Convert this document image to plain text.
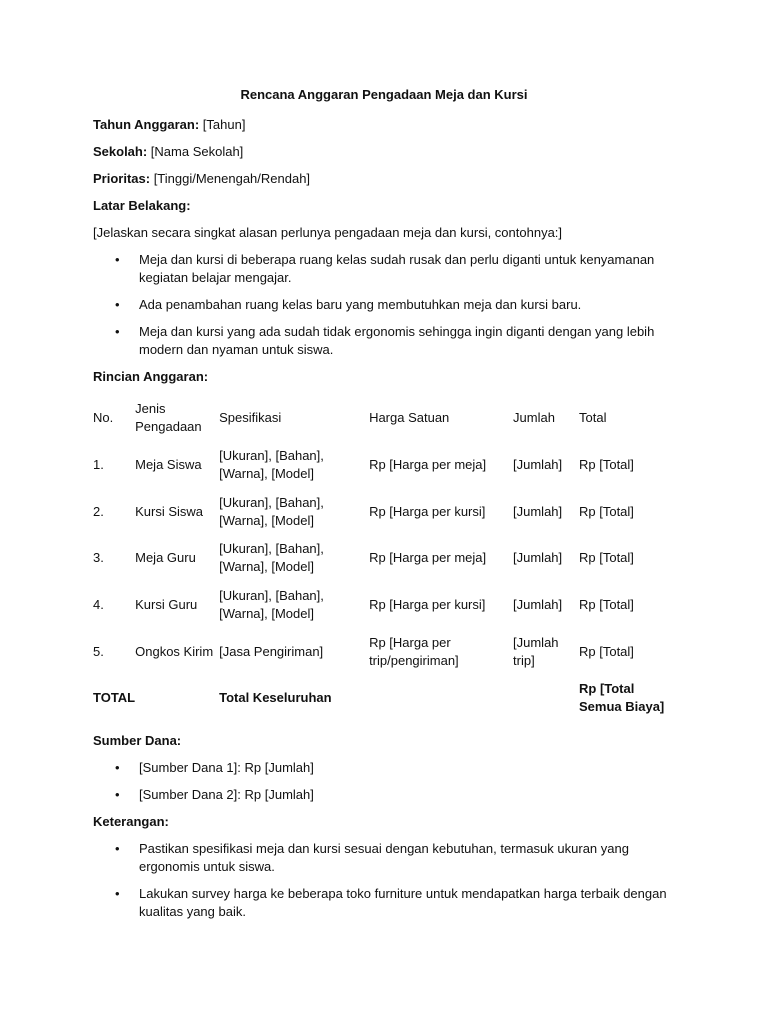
Rencana Anggaran Pengadaan Meja dan Kursi
Tahun Anggaran: [Tahun]
Sekolah: [Nama Sekolah]
Prioritas: [Tinggi/Menengah/Rendah]
Latar Belakang:
[Jelaskan secara singkat alasan perlunya pengadaan meja dan kursi, contohnya:]
• Meja dan kursi di beberapa ruang kelas sudah rusak dan perlu diganti untuk kenyamanan kegiatan belajar mengajar.
• Ada penambahan ruang kelas baru yang membutuhkan meja dan kursi baru.
• Meja dan kursi yang ada sudah tidak ergonomis sehingga ingin diganti dengan yang lebih modern dan nyaman untuk siswa.
Rincian Anggaran:
No.	Jenis Pengadaan	Spesifikasi	Harga Satuan	Jumlah	Total
1.	Meja Siswa	[Ukuran], [Bahan], [Warna], [Model]	Rp [Harga per meja]	[Jumlah]	Rp [Total]
2.	Kursi Siswa	[Ukuran], [Bahan], [Warna], [Model]	Rp [Harga per kursi]	[Jumlah]	Rp [Total]
3.	Meja Guru	[Ukuran], [Bahan], [Warna], [Model]	Rp [Harga per meja]	[Jumlah]	Rp [Total]
4.	Kursi Guru	[Ukuran], [Bahan], [Warna], [Model]	Rp [Harga per kursi]	[Jumlah]	Rp [Total]
5.	Ongkos Kirim	[Jasa Pengiriman]	Rp [Harga per trip/pengiriman]	[Jumlah trip]	Rp [Total]
TOTAL		Total Keseluruhan			Rp [Total Semua Biaya]
Sumber Dana:
• [Sumber Dana 1]: Rp [Jumlah]
• [Sumber Dana 2]: Rp [Jumlah]
Keterangan:
• Pastikan spesifikasi meja dan kursi sesuai dengan kebutuhan, termasuk ukuran yang ergonomis untuk siswa.
• Lakukan survey harga ke beberapa toko furniture untuk mendapatkan harga terbaik dengan kualitas yang baik.
